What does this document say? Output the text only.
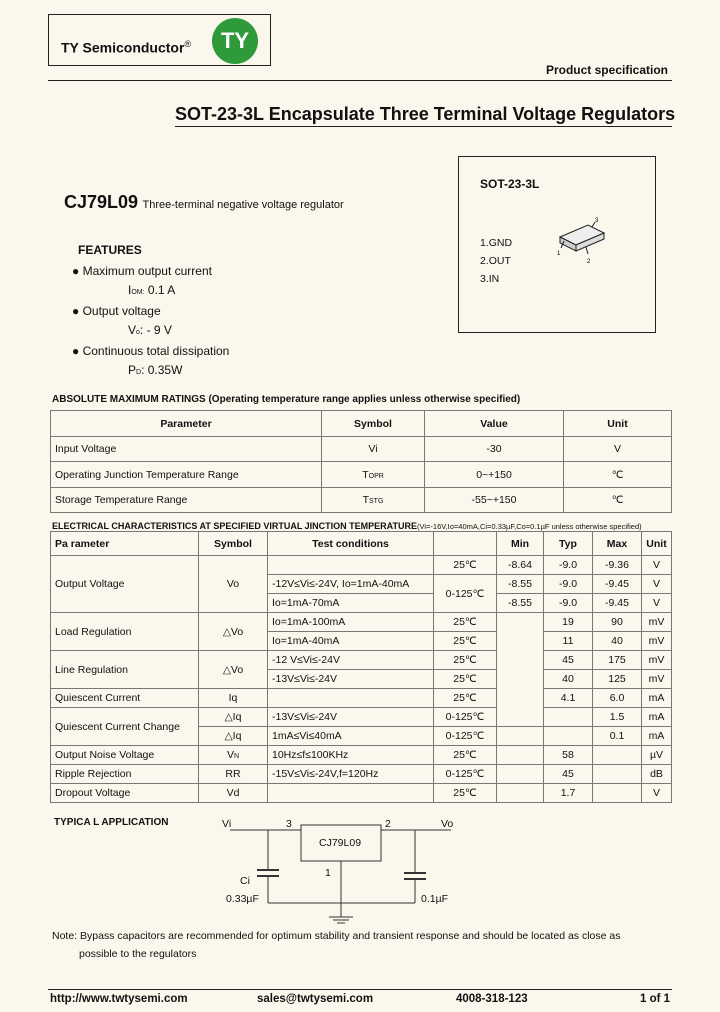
TY Semiconductor®	TY
Product specification
SOT-23-3L Encapsulate Three Terminal Voltage Regulators
SOT-23-3L
3
1
2
1.GND
2.OUT
3.IN
CJ79L09 Three-terminal negative voltage regulator
FEATURES
● Maximum output current
IOM: 0.1 A
● Output voltage
Vo: - 9 V
● Continuous total dissipation
PD: 0.35W
ABSOLUTE MAXIMUM RATINGS (Operating temperature range applies unless otherwise specified)
Parameter	Symbol	Value	Unit
Input Voltage	Vi	-30	V
Operating Junction Temperature Range	TOPR	0~+150	℃
Storage Temperature Range	TSTG	-55~+150	℃
ELECTRICAL CHARACTERISTICS AT SPECIFIED VIRTUAL JINCTION TEMPERATURE(Vi=-16V,Io=40mA,Ci=0.33µF,Co=0.1µF unless otherwise specified)
Pa rameter	Symbol	Test conditions		Min	Typ	Max	Unit
Output Voltage	Vo		25℃	-8.64	-9.0	-9.36	V
		-12V≤Vi≤-24V, Io=1mA-40mA	0-125℃	-8.55	-9.0	-9.45	V
		Io=1mA-70mA		-8.55	-9.0	-9.45	V
Load Regulation	△Vo	Io=1mA-100mA	25℃		19	90	mV
		Io=1mA-40mA	25℃		11	40	mV
Line Regulation	△Vo	-12 V≤Vi≤-24V	25℃		45	175	mV
		-13V≤Vi≤-24V	25℃		40	125	mV
Quiescent Current	Iq		25℃		4.1	6.0	mA
Quiescent Current Change	△Iq	-13V≤Vi≤-24V	0-125℃			1.5	mA
	△Iq	1mA≤Vi≤40mA	0-125℃			0.1	mA
Output Noise Voltage	VN	10Hz≤f≤100KHz	25℃		58		µV
Ripple Rejection	RR	-15V≤Vi≤-24V,f=120Hz	0-125℃		45		dB
Dropout Voltage	Vd		25℃		1.7		V
TYPICA L APPLICATION	Vi	3	2	Vo
CJ79L09
1
Ci
0.33µF	0.1µF
Note: Bypass capacitors are recommended for optimum stability and transient response and should be located as close as
possible to the regulators
http://www.twtysemi.com	sales@twtysemi.com	4008-318-123	1 of 1
